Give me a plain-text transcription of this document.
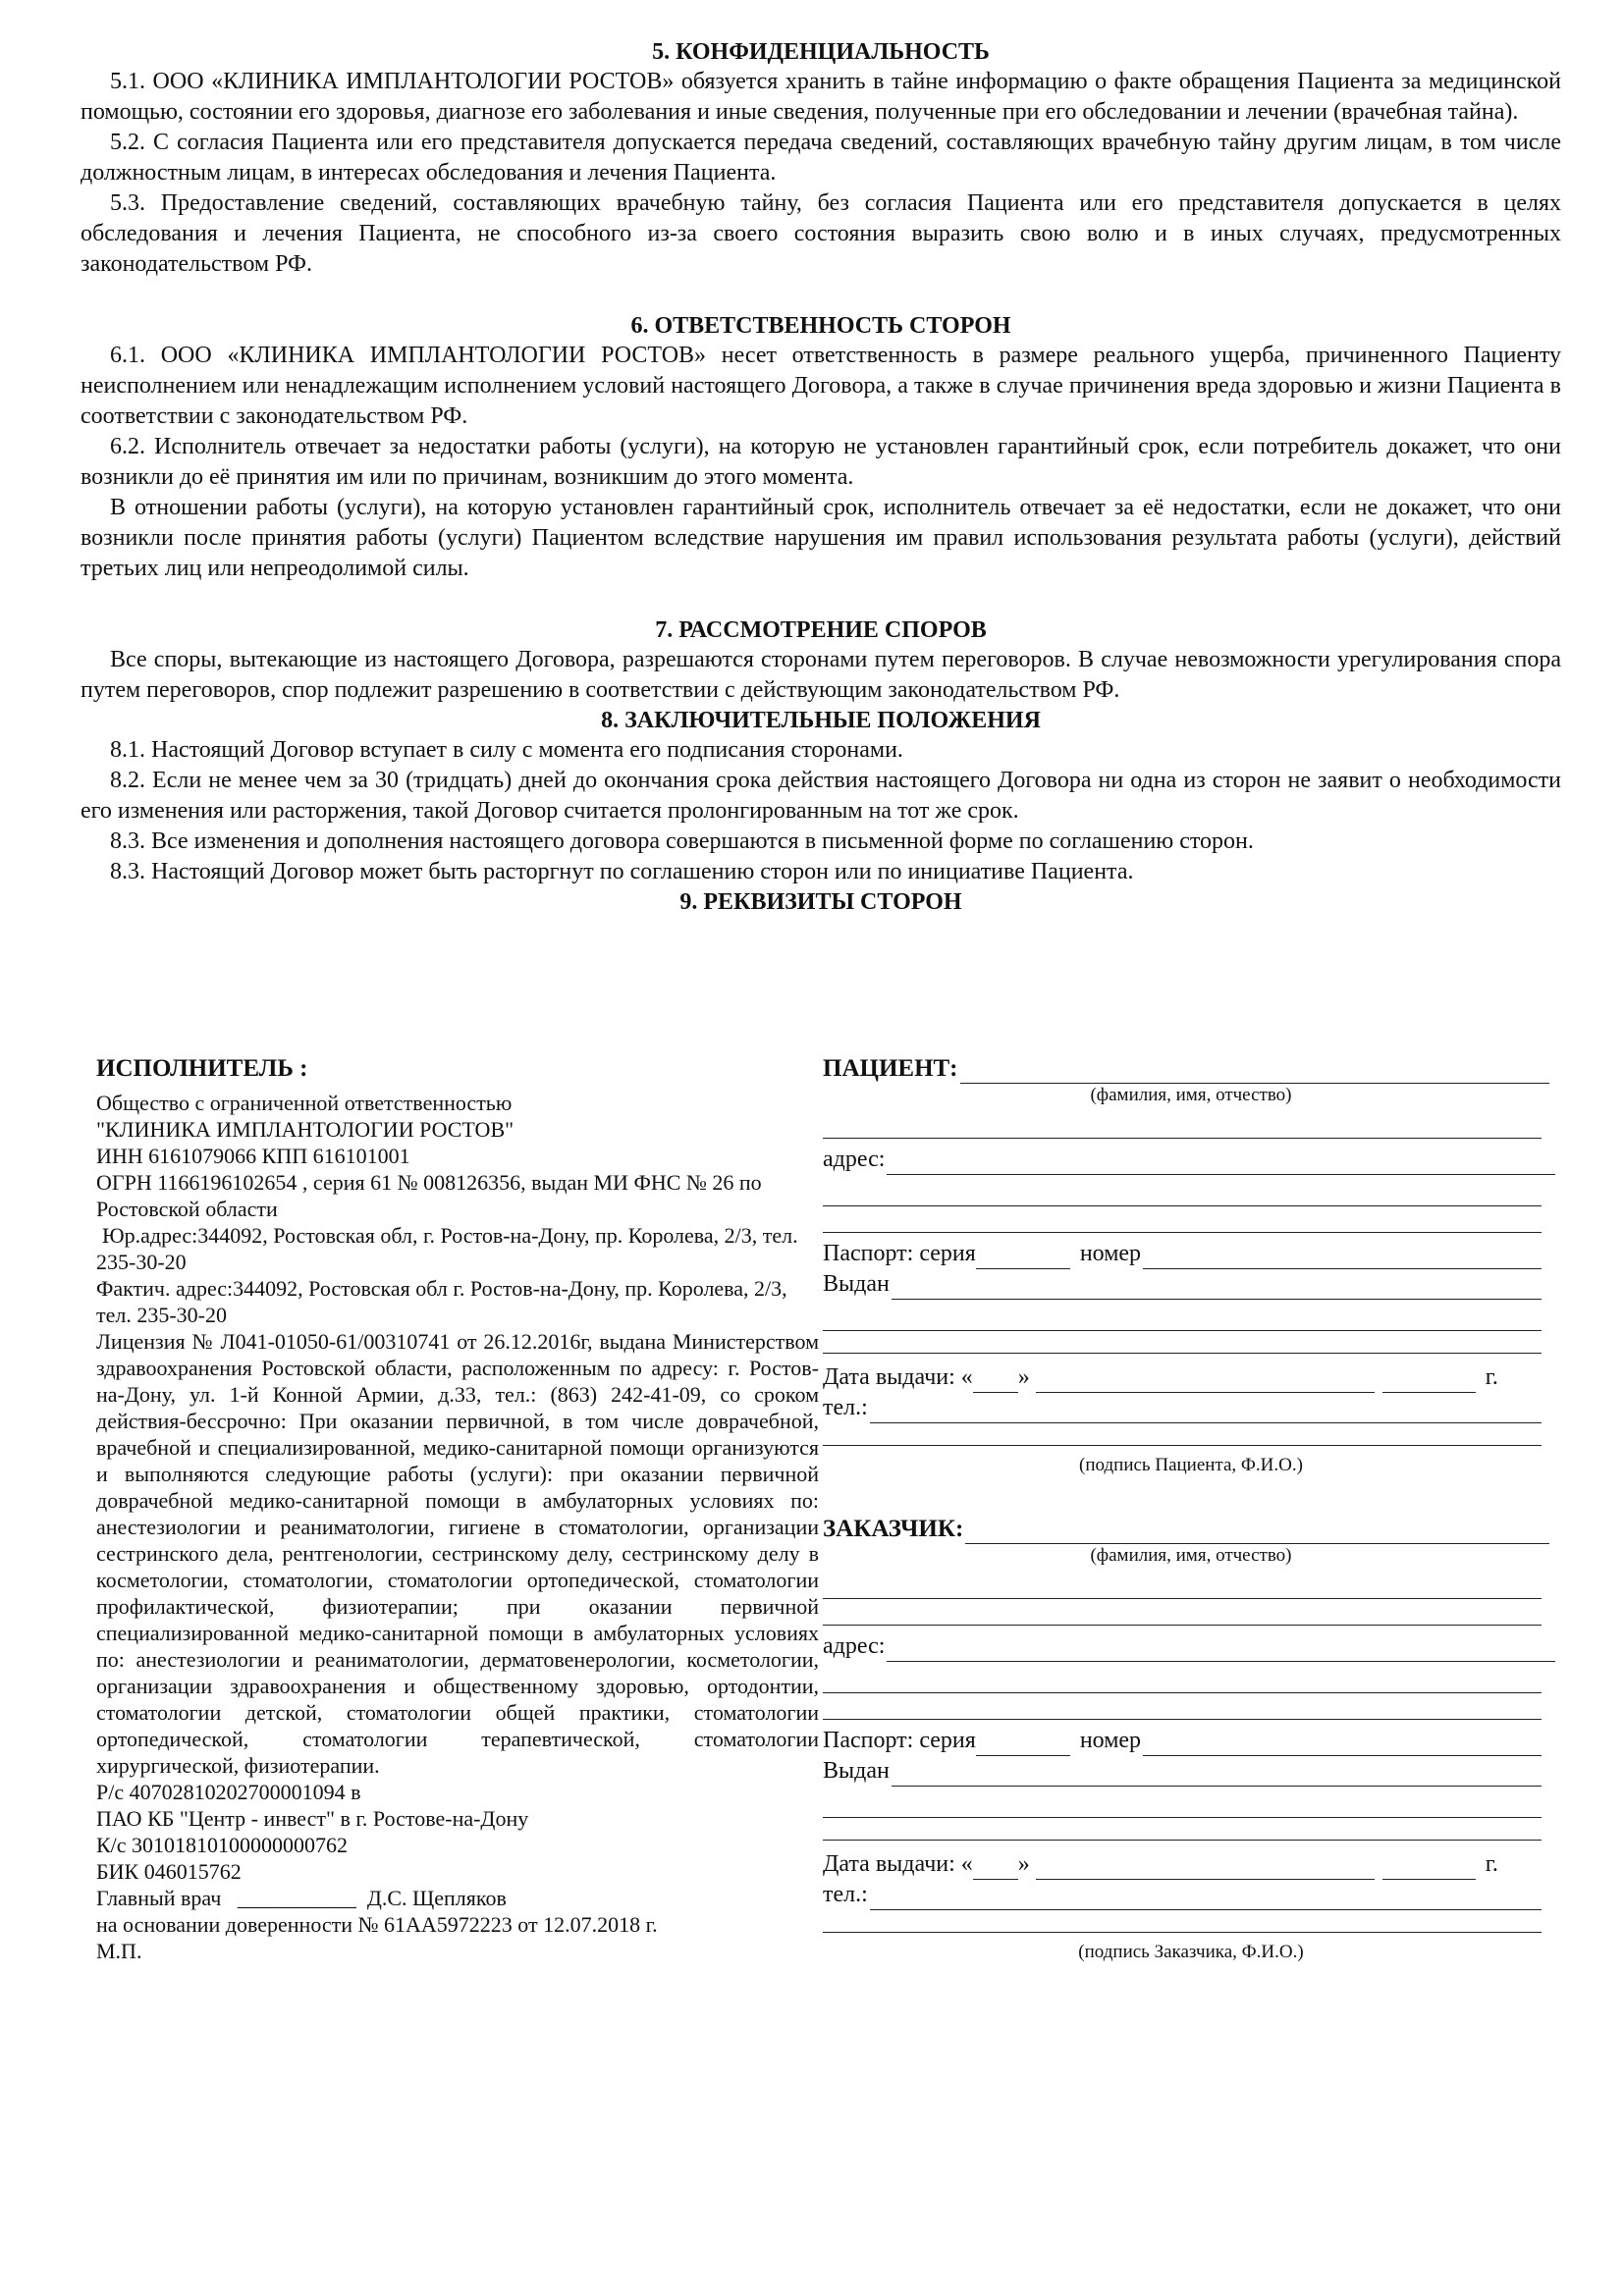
5. КОНФИДЕНЦИАЛЬНОСТЬ

5.1. ООО «КЛИНИКА ИМПЛАНТОЛОГИИ РОСТОВ» обязуется хранить в тайне информацию о факте обращения Пациента за медицинской помощью, состоянии его здоровья, диагнозе его заболевания и иные сведения, полученные при его обследовании и лечении (врачебная тайна).

5.2. С согласия Пациента или его представителя допускается передача сведений, составляющих врачебную тайну другим лицам, в том числе должностным лицам, в интересах обследования и лечения Пациента.

5.3. Предоставление сведений, составляющих врачебную тайну, без согласия Пациента или его представителя допускается в целях обследования и лечения Пациента, не способного из-за своего состояния выразить свою волю и в иных случаях, предусмотренных законодательством РФ.

6. ОТВЕТСТВЕННОСТЬ СТОРОН

6.1. ООО «КЛИНИКА ИМПЛАНТОЛОГИИ РОСТОВ» несет ответственность в размере реального ущерба, причиненного Пациенту неисполнением или ненадлежащим исполнением условий настоящего Договора, а также в случае причинения вреда здоровью и жизни Пациента в соответствии с законодательством РФ.

6.2. Исполнитель отвечает за недостатки работы (услуги), на которую не установлен гарантийный срок, если потребитель докажет, что они возникли до её принятия им или по причинам, возникшим до этого момента.

В отношении работы (услуги), на которую установлен гарантийный срок, исполнитель отвечает за её недостатки, если не докажет, что они возникли после принятия работы (услуги) Пациентом вследствие нарушения им правил использования результата работы (услуги), действий третьих лиц или непреодолимой силы.

7. РАССМОТРЕНИЕ СПОРОВ

Все споры, вытекающие из настоящего Договора, разрешаются сторонами путем переговоров. В случае невозможности урегулирования спора путем переговоров, спор подлежит разрешению в соответствии с действующим законодательством РФ.

8. ЗАКЛЮЧИТЕЛЬНЫЕ ПОЛОЖЕНИЯ

8.1. Настоящий Договор вступает в силу с момента его подписания сторонами.

8.2. Если не менее чем за 30 (тридцать) дней до окончания срока действия настоящего Договора ни одна из сторон не заявит о необходимости его изменения или расторжения, такой Договор считается пролонгированным на тот же срок.

8.3. Все изменения и дополнения настоящего договора совершаются в письменной форме по соглашению сторон.

8.3. Настоящий Договор может быть расторгнут по соглашению сторон или по инициативе Пациента.

9. РЕКВИЗИТЫ СТОРОН

ИСПОЛНИТЕЛЬ :

Общество с ограниченной ответственностью

"КЛИНИКА ИМПЛАНТОЛОГИИ РОСТОВ"

ИНН 6161079066 КПП 616101001

ОГРН 1166196102654 , серия 61 № 008126356, выдан МИ ФНС № 26 по Ростовской области

Юр.адрес:344092, Ростовская обл, г. Ростов-на-Дону, пр. Королева, 2/3, тел. 235-30-20

Фактич. адрес:344092, Ростовская обл г. Ростов-на-Дону, пр. Королева, 2/3, тел. 235-30-20

Лицензия № Л041-01050-61/00310741 от 26.12.2016г, выдана Министерством здравоохранения Ростовской области, расположенным по адресу: г. Ростов-на-Дону, ул. 1-й Конной Армии, д.33, тел.: (863) 242-41-09, со сроком действия-бессрочно: При оказании первичной, в том числе доврачебной, врачебной и специализированной, медико-санитарной помощи организуются и выполняются следующие работы (услуги): при оказании первичной доврачебной медико-санитарной помощи в амбулаторных условиях по: анестезиологии и реаниматологии, гигиене в стоматологии, организации сестринского дела, рентгенологии, сестринскому делу, сестринскому делу в косметологии, стоматологии, стоматологии ортопедической, стоматологии профилактической, физиотерапии; при оказании первичной специализированной медико-санитарной помощи в амбулаторных условиях по: анестезиологии и реаниматологии, дерматовенерологии, косметологии, организации здравоохранения и общественному здоровью, ортодонтии, стоматологии детской, стоматологии общей практики, стоматологии ортопедической, стоматологии терапевтической, стоматологии хирургической, физиотерапии.

Р/с 40702810202700001094 в

ПАО КБ "Центр - инвест" в г. Ростове-на-Дону

К/с 30101810100000000762

БИК 046015762

Главный врач ___________ Д.С. Щепляков

на основании доверенности № 61АА5972223 от 12.07.2018 г.

М.П.

ПАЦИЕНТ:
(фамилия, имя, отчество)
адрес:
Паспорт: серия	номер
Выдан
Дата выдачи: « »	г.
тел.:
(подпись Пациента, Ф.И.О.)
ЗАКАЗЧИК:
(фамилия, имя, отчество)
адрес:
Паспорт: серия	номер
Выдан
Дата выдачи: « »	г.
тел.:
(подпись Заказчика, Ф.И.О.)
